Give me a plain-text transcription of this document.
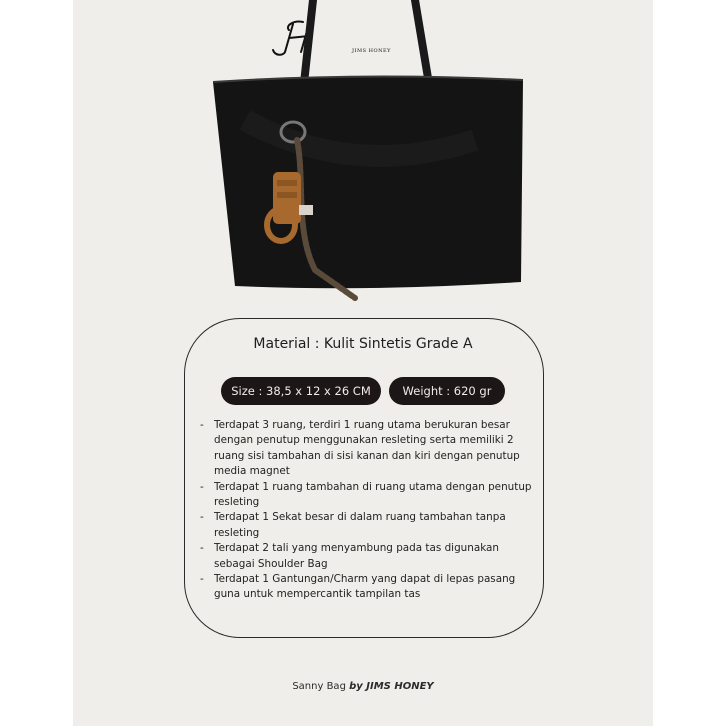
JIMS HONEY
Material : Kulit Sintetis Grade A
Size : 38,5 x 12 x 26 CM	Weight : 620 gr
- Terdapat 3 ruang, terdiri 1 ruang utama berukuran besar dengan penutup menggunakan resleting serta memiliki 2 ruang sisi tambahan di sisi kanan dan kiri dengan penutup media magnet
- Terdapat 1 ruang tambahan di ruang utama dengan penutup resleting
- Terdapat 1 Sekat besar di dalam ruang tambahan tanpa resleting
- Terdapat 2 tali yang menyambung pada tas digunakan sebagai Shoulder Bag
- Terdapat 1 Gantungan/Charm yang dapat di lepas pasang guna untuk mempercantik tampilan tas
Sanny Bag by JIMS HONEY
